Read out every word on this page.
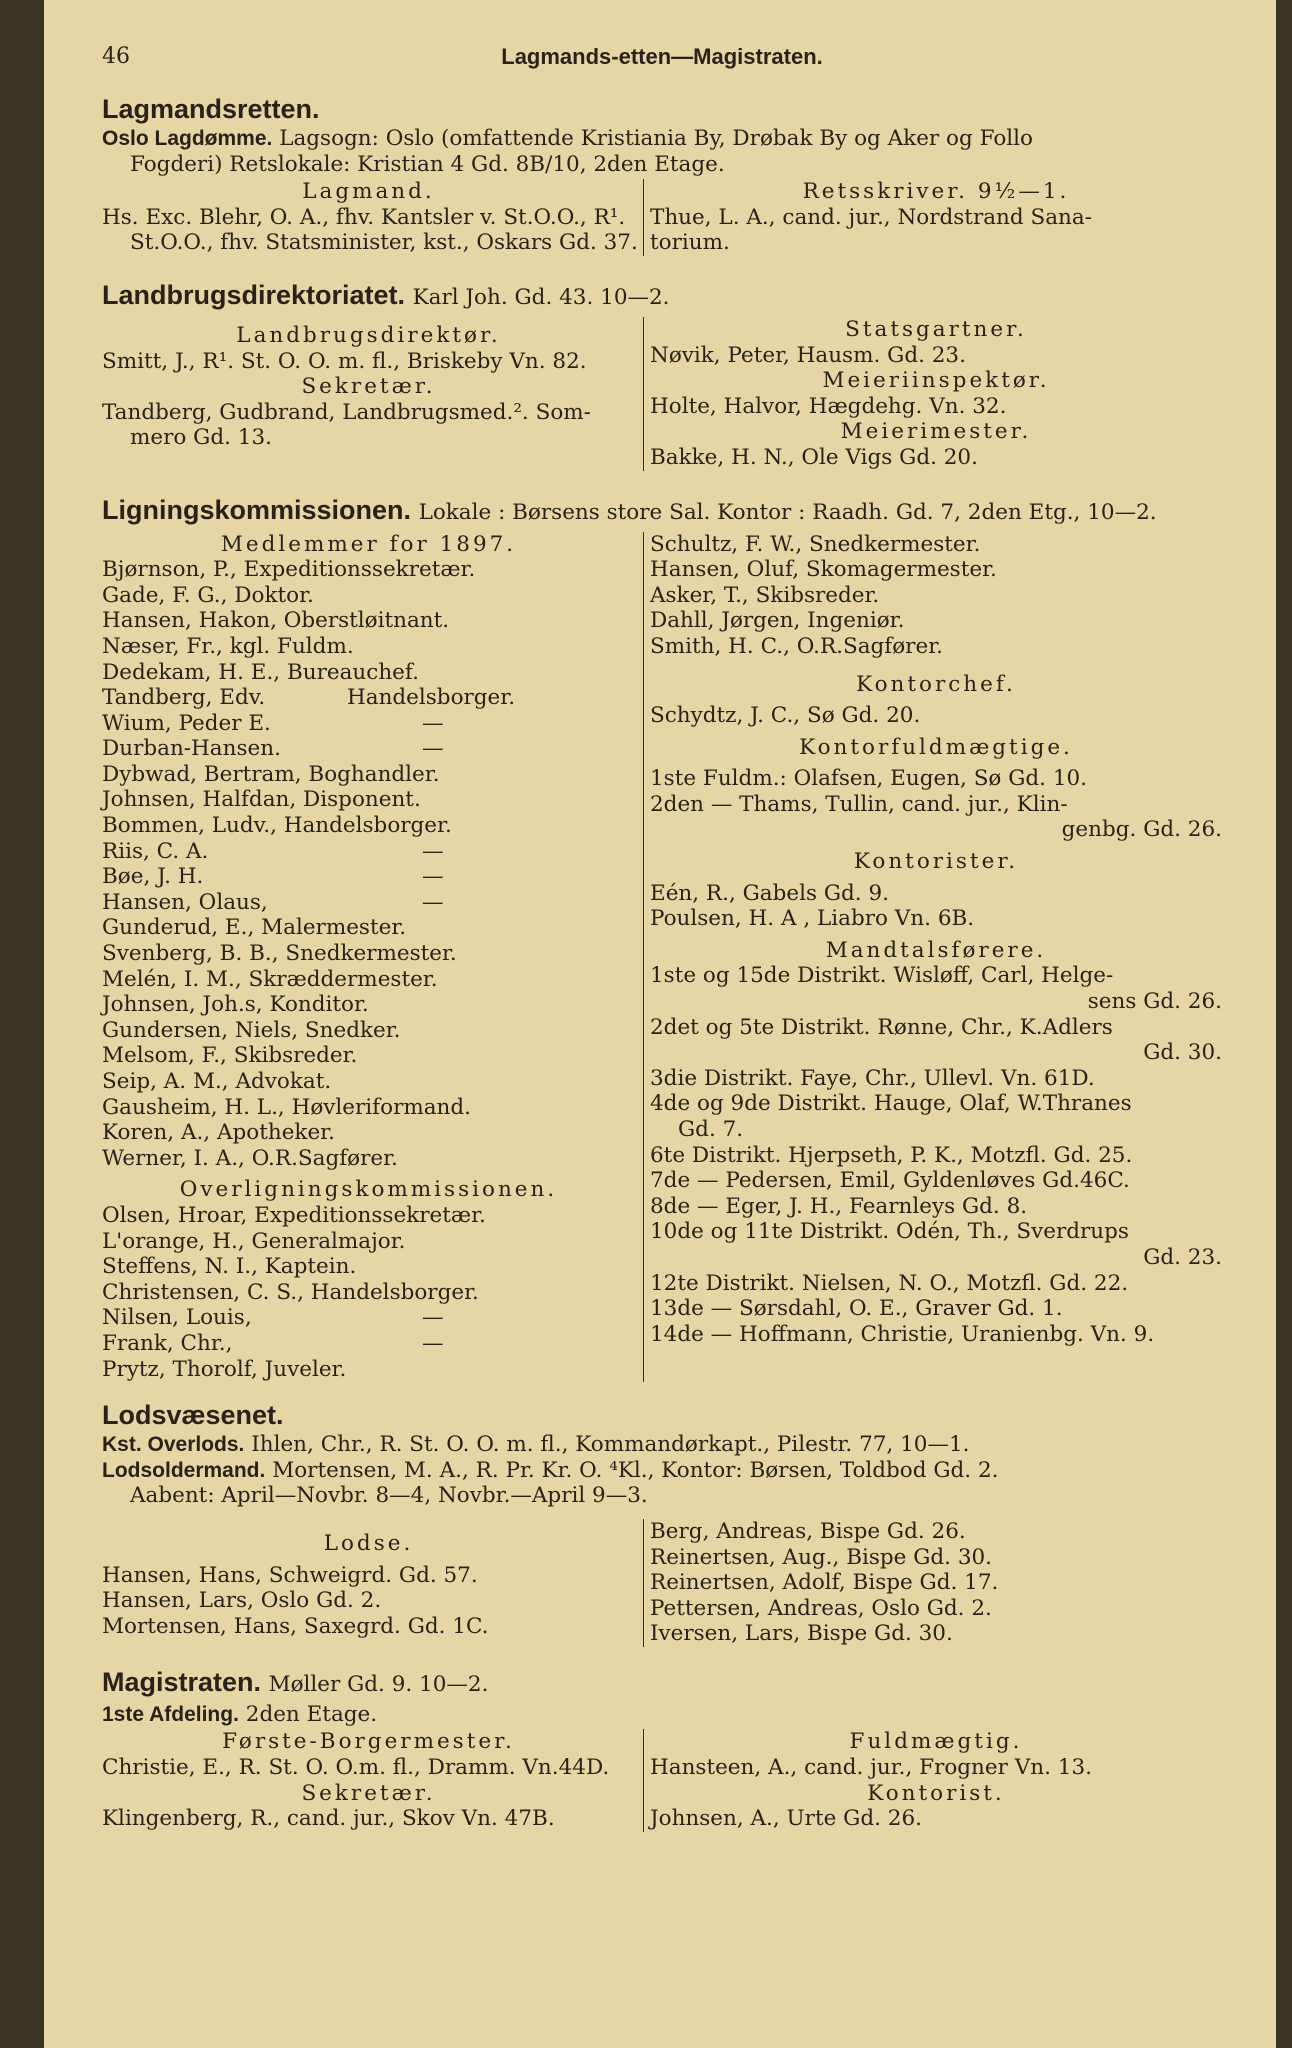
46	Lagmands‑etten—Magistraten.
Lagmandsretten.
Oslo Lagdømme. Lagsogn: Oslo (omfattende Kristiania By, Drøbak By og Aker og Follo
Fogderi) Retslokale: Kristian 4 Gd. 8B/10, 2den Etage.
Lagmand.
Hs. Exc. Blehr, O. A., fhv. Kantsler v. St.O.O., R¹.
St.O.O., fhv. Statsminister, kst., Oskars Gd. 37.
Retsskriver. 9½—1.
Thue, L. A., cand. jur., Nordstrand Sana-
torium.
Landbrugsdirektoriatet. Karl Joh. Gd. 43. 10—2.
Landbrugsdirektør.
Smitt, J., R¹. St. O. O. m. fl., Briskeby Vn. 82.
Sekretær.
Tandberg, Gudbrand, Landbrugsmed.². Som-
mero Gd. 13.
Statsgartner.
Nøvik, Peter, Hausm. Gd. 23.
Meieriinspektør.
Holte, Halvor, Hægdehg. Vn. 32.
Meierimester.
Bakke, H. N., Ole Vigs Gd. 20.
Ligningskommissionen. Lokale : Børsens store Sal. Kontor : Raadh. Gd. 7, 2den Etg., 10—2.
Medlemmer for 1897.
Bjørnson, P., Expeditionssekretær.
Gade, F. G., Doktor.
Hansen, Hakon, Oberstløitnant.
Næser, Fr., kgl. Fuldm.
Dedekam, H. E., Bureauchef.
Tandberg, Edv.	Handelsborger.
Wium, Peder E.	—
Durban-Hansen.	—
Dybwad, Bertram, Boghandler.
Johnsen, Halfdan, Disponent.
Bommen, Ludv., Handelsborger.
Riis, C. A.	—
Bøe, J. H.	—
Hansen, Olaus,	—
Gunderud, E., Malermester.
Svenberg, B. B., Snedkermester.
Melén, I. M., Skræddermester.
Johnsen, Joh.s, Konditor.
Gundersen, Niels, Snedker.
Melsom, F., Skibsreder.
Seip, A. M., Advokat.
Gausheim, H. L., Høvleriformand.
Koren, A., Apotheker.
Werner, I. A., O.R.Sagfører.
Overligningskommissionen.
Olsen, Hroar, Expeditionssekretær.
L'orange, H., Generalmajor.
Steffens, N. I., Kaptein.
Christensen, C. S., Handelsborger.
Nilsen, Louis,	—
Frank, Chr.,	—
Prytz, Thorolf, Juveler.
Schultz, F. W., Snedkermester.
Hansen, Oluf, Skomagermester.
Asker, T., Skibsreder.
Dahll, Jørgen, Ingeniør.
Smith, H. C., O.R.Sagfører.
Kontorchef.
Schydtz, J. C., Sø Gd. 20.
Kontorfuldmægtige.
1ste Fuldm.: Olafsen, Eugen, Sø Gd. 10.
2den — Thams, Tullin, cand. jur., Klin-
genbg. Gd. 26.
Kontorister.
Eén, R., Gabels Gd. 9.
Poulsen, H. A , Liabro Vn. 6B.
Mandtalsførere.
1ste og 15de Distrikt. Wisløff, Carl, Helge-
sens Gd. 26.
2det og 5te Distrikt. Rønne, Chr., K.Adlers
Gd. 30.
3die Distrikt. Faye, Chr., Ullevl. Vn. 61D.
4de og 9de Distrikt. Hauge, Olaf, W.Thranes
Gd. 7.
6te Distrikt. Hjerpseth, P. K., Motzfl. Gd. 25.
7de — Pedersen, Emil, Gyldenløves Gd.46C.
8de — Eger, J. H., Fearnleys Gd. 8.
10de og 11te Distrikt. Odén, Th., Sverdrups
Gd. 23.
12te Distrikt. Nielsen, N. O., Motzfl. Gd. 22.
13de — Sørsdahl, O. E., Graver Gd. 1.
14de — Hoffmann, Christie, Uranienbg. Vn. 9.
Lodsvæsenet.
Kst. Overlods. Ihlen, Chr., R. St. O. O. m. fl., Kommandørkapt., Pilestr. 77, 10—1.
Lodsoldermand. Mortensen, M. A., R. Pr. Kr. O. ⁴Kl., Kontor: Børsen, Toldbod Gd. 2.
Aabent: April—Novbr. 8—4, Novbr.—April 9—3.
Lodse.
Hansen, Hans, Schweigrd. Gd. 57.
Hansen, Lars, Oslo Gd. 2.
Mortensen, Hans, Saxegrd. Gd. 1C.
Berg, Andreas, Bispe Gd. 26.
Reinertsen, Aug., Bispe Gd. 30.
Reinertsen, Adolf, Bispe Gd. 17.
Pettersen, Andreas, Oslo Gd. 2.
Iversen, Lars, Bispe Gd. 30.
Magistraten. Møller Gd. 9. 10—2.
1ste Afdeling. 2den Etage.
Første-Borgermester.
Christie, E., R. St. O. O.m. fl., Dramm. Vn.44D.
Sekretær.
Klingenberg, R., cand. jur., Skov Vn. 47B.
Fuldmægtig.
Hansteen, A., cand. jur., Frogner Vn. 13.
Kontorist.
Johnsen, A., Urte Gd. 26.
